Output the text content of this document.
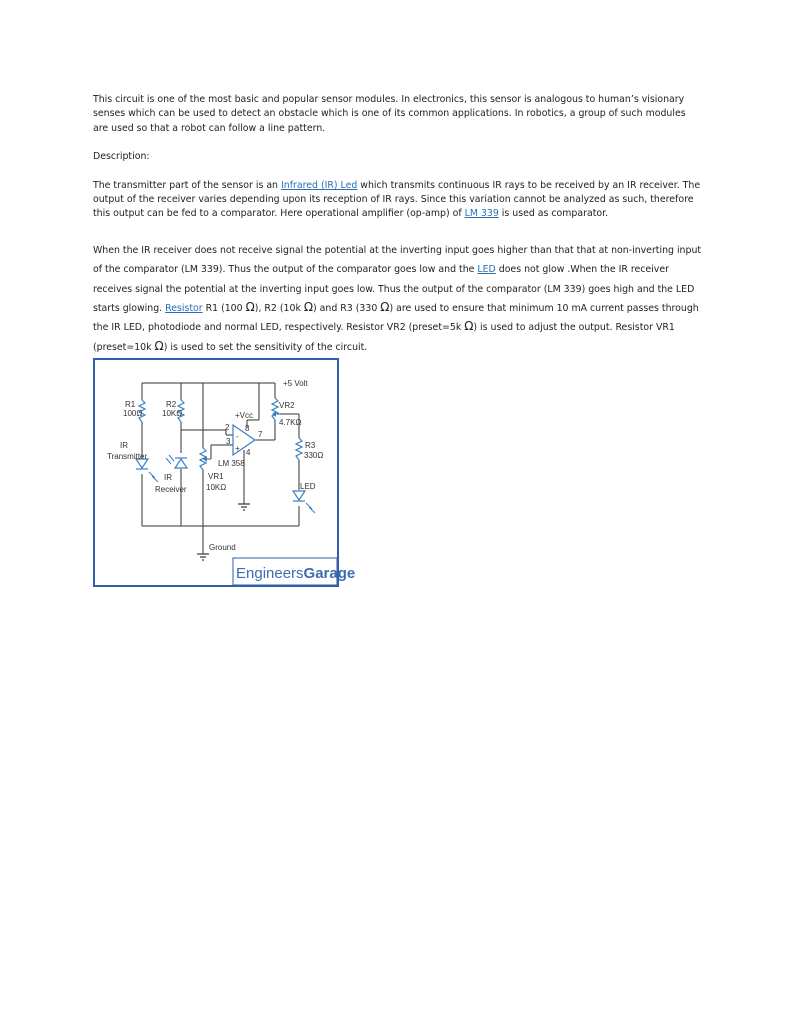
This circuit is one of the most basic and popular sensor modules. In electronics, this sensor is analogous to human’s visionary senses which can be used to detect an obstacle which is one of its common applications. In robotics, a group of such modules are used so that a robot can follow a line pattern.

Description:

The transmitter part of the sensor is an Infrared (IR) Led which transmits continuous IR rays to be received by an IR receiver. The output of the receiver varies depending upon its reception of IR rays. Since this variation cannot be analyzed as such, therefore this output can be fed to a comparator. Here operational amplifier (op-amp) of LM 339 is used as comparator.

When the IR receiver does not receive signal the potential at the inverting input goes higher than that that at non-inverting input of the comparator (LM 339). Thus the output of the comparator goes low and the LED does not glow .When the IR receiver receives signal the potential at the inverting input goes low. Thus the output of the comparator (LM 339) goes high and the LED starts glowing. Resistor R1 (100 Ω), R2 (10k Ω) and R3 (330 Ω) are used to ensure that minimum 10 mA current passes through the IR LED, photodiode and normal LED, respectively. Resistor VR2 (preset=5k Ω) is used to adjust the output. Resistor VR1 (preset=10k Ω) is used to set the sensitivity of the circuit.

+5 Volt
R1
100Ω
R2
10KΩ
VR2
4.7KΩ
+Vcc
2 8
3
7
4
-
+
IR
Transmitter
IR
Receiver
LM 358
VR1
10KΩ
R3
330Ω
LED
Ground
EngineersGarage
